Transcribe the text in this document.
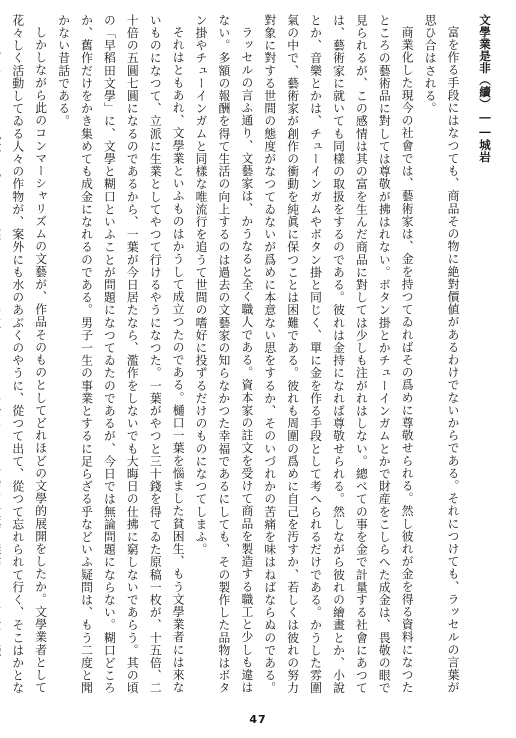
文學業是非（續）――城岩

富を作る手段にはなつても、商品その物に絶對價値があるわけでないからである。それにつけても、ラッセルの言葉が思ひ合はされる。

商業化した現今の社會では、藝術家は、金を持つてゐればその爲めに尊敬せられる。然し彼れが金を得る資料になつたところの藝術品に對しては尊敬が拂はれない。ボタン掛とかチューインガムとかで財産をこしらへた成金は、畏敬の眼で見られるが、この感情は其の富を生んだ商品に對しては少しも注がれはしない。總べての事を金で計量する社會にあつては、藝術家に就いても同樣の取扱をするのである。彼れは金持になれば尊敬せられる。然しながら彼れの繪畫とか、小說とか、音樂とかは、チューインガムやボタン掛と同じく、單に金を作る手段として考へられるだけである。かうした雰圍氣の中で、藝術家が創作の衝動を純眞に保つことは困難である。彼れも周圍の爲めに自己を汚すか、若しくは彼れの努力對象に對する世間の態度がなつてゐないが爲めに本意ない思をするか、そのいづれかの苦痛を味はねばならぬのである。

ラッセルの言ふ通り、文藝家は、かうなると全く職人である。資本家の註文を受けて商品を製造する職工と少しも違はない。多額の報酬を得て生活の向上するのは過去の文藝家の知らなかつた幸福であるにしても、その製作した品物はボタン掛やチューインガムと同樣な唯流行を追うて世間の嗜好に投ずるだけのものになつてしまふ。

それはともあれ、文學業といふものはかうして成立つたのである。樋口一葉を惱ました貧困生、もう文學業者には來ないものになつて、立派に生業としてやつて行けるやうになつた。一葉がやつと三十錢を得てゐた原稿一枚が、十五倍、二十倍の五圓七圓になるのであるから、一葉が今日居たなら、濫作をしないでも大晦日の仕拂に窮しないであらう。其の頃の「早稻田文學」に、文學と糊口といふことが問題になつてゐたのであるが、今日では無論問題にならない。糊口どころか、舊作だけをかき集めても成金になれるのである。男子一生の事業とするに足らざる乎などいふ疑問は、もう二度と聞かない昔話である。

しかしながら此のコンマーシャリズムの文藝が、作品そのものとしてどれほどの文學的展開をしたか。文學業者として花々しく活動してゐる人々の作物が、案外にも水のあぶくのやうに、從つて出て、從つて忘れられて行く、そこはかとな

47
